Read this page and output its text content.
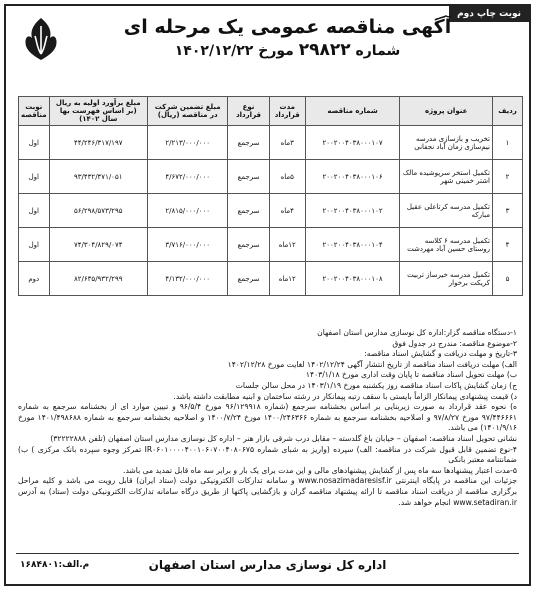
نوبت چاپ دوم
آگهی مناقصه عمومی یک مرحله ای
شماره ۲۹۸۲۲ مورخ ۱۴۰۲/۱۲/۲۲
ردیف	عنوان پروژه	شماره مناقصه	مدت قرارداد	نوع قرارداد	مبلغ تضمین شرکت در مناقصه (ریال)	مبلغ برآورد اولیه به ریال (بر اساس فهرست بها سال ۱۴۰۲)	نوبت مناقصه
۱	تخریب و بازسازی مدرسه نیم‌سازی زمان آباد نجفانی	۲۰۰۲۰۰۴۰۳۸۰۰۰۱۰۷	۳ماه	سرجمع	۲/۲۱۳/۰۰۰/۰۰۰	۴۴/۲۴۶/۳۱۷/۱۹۷	اول
۲	تکمیل استخر سرپوشیده مالک اشتر خمینی شهر	۲۰۰۲۰۰۴۰۳۸۰۰۰۱۰۶	۵ماه	سرجمع	۴/۶۷۲/۰۰۰/۰۰۰	۹۳/۴۳۲/۴۷۱/۰۵۱	اول
۳	تکمیل مدرسه کرتاعلی عقیل مبارکه	۲۰۰۲۰۰۴۰۳۸۰۰۰۱۰۲	۴ماه	سرجمع	۲/۸۱۵/۰۰۰/۰۰۰	۵۶/۲۹۸/۵۷۳/۲۹۵	اول
۴	تکمیل مدرسه ۶ کلاسه روستای حسین آباد مهردشت	۲۰۰۲۰۰۴۰۳۸۰۰۰۱۰۴	۱۲ماه	سرجمع	۳/۷۱۶/۰۰۰/۰۰۰	۷۴/۳۰۴/۸۲۹/۰۷۴	اول
۵	تکمیل مدرسه خیرساز تربیت کریکت برخوار	۲۰۰۲۰۰۴۰۳۸۰۰۰۱۰۸	۱۲ماه	سرجمع	۴/۱۳۲/۰۰۰/۰۰۰	۸۲/۶۳۵/۹۳۲/۲۹۹	دوم

۱-دستگاه مناقصه گزار:اداره کل نوسازی مدارس استان اصفهان

۲-موضوع مناقصه: مندرج در جدول فوق

۳-تاریخ و مهلت دریافت و گشایش اسناد مناقصه:

الف) مهلت دریافت اسناد مناقصه از تاریخ انتشار آگهی ۱۴۰۲/۱۲/۲۴ لغایت مورخ ۱۴۰۲/۱۲/۲۸

ب) مهلت تحویل اسناد مناقصه تا پایان وقت اداری مورخ ۱۴۰۳/۱/۱۸

ج) زمان گشایش پاکات اسناد مناقصه روز یکشنبه مورخ ۱۴۰۳/۱/۱۹ در محل سالن جلسات

د) قیمت پیشنهادی پیمانکار الزاماً بایستی با سقف رتبه پیمانکار در رشته ساختمان و ابنیه مطابقت داشته باشد.

ه) نحوه عقد قرارداد به صورت زیربنایی بر اساس بخشنامه سرجمع (شماره ۹۶/۱۲۹۹۱۸ مورخ ۹۶/۵/۴ و تبیین موارد ای از بخشنامه سرجمع به شماره ۹۷/۴۴۶۶۶۱ مورخ ۹۷/۸/۲۷ و اصلاحیه بخشنامه سرجمع به شماره ۱۴۰۰/۲۴۶۳۶۶ مورخ ۱۴۰۰/۷/۲۴ و اصلاحیه بخشنامه سرجمع به شماره ۱۴۰۱/۴۹۸۶۸۸ مورخ ۱۴۰۱/۹/۱۶) می باشد.

نشانی تحویل اسناد مناقصه: اصفهان – خیابان باغ گلدسته – مقابل درب شرقی بازار هنر – اداره کل نوسازی مدارس استان اصفهان (تلفن ۳۲۲۲۲۸۸۸)

۴-نوع تضمین قابل قبول شرکت در مناقصه: الف) سپرده (واریز به شبای شماره IR۰۶۰۱۰۰۰۰۴۰۰۱۰۶۰۷۰۰۴۰۸۰۶۷۵ تمرکز وجوه سپرده بانک مرکزی ) ب) ضمانتنامه معتبر بانکی

۵-مدت اعتبار پیشنهادها سه ماه پس از گشایش پیشنهادهای مالی و این مدت برای یک بار و برابر سه ماه قابل تمدید می باشد.

جزئیات این مناقصه در پایگاه اینترنتی www.nosazimadaresisf.ir و سامانه تدارکات الکترونیکی دولت (ستاد ایران) قابل رویت می باشد و کلیه مراحل برگزاری مناقصه از دریافت اسناد مناقصه تا ارائه پیشنهاد مناقصه گران و بازگشایی پاکتها از طریق درگاه سامانه تدارکات الکترونیکی دولت (ستاد) به آدرس www.setadiran.ir انجام خواهد شد.

اداره کل نوسازی مدارس استان اصفهان
م.الف:۱۶۸۴۸۰۱
